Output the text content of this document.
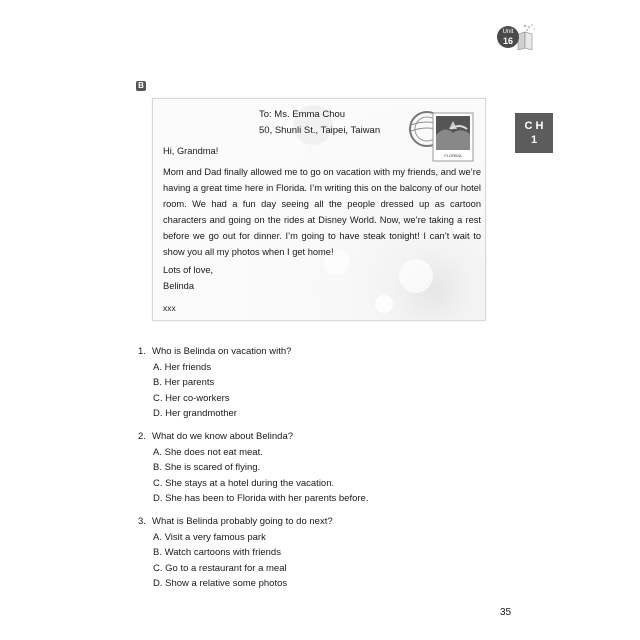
Unit
16
B
C H
1
To: Ms. Emma Chou
50, Shunli St., Taipei, Taiwan
FLORIDA
Hi, Grandma!
Mom and Dad finally allowed me to go on vacation with my friends, and we’re having a great time here in Florida. I’m writing this on the balcony of our hotel room. We had a fun day seeing all the people dressed up as cartoon characters and going on the rides at Disney World. Now, we’re taking a rest before we go out for dinner. I’m going to have steak tonight! I can’t wait to show you all my photos when I get home!
Lots of love,
Belinda
xxx
1. Who is Belinda on vacation with?
A. Her friends
B. Her parents
C. Her co-workers
D. Her grandmother
2. What do we know about Belinda?
A. She does not eat meat.
B. She is scared of flying.
C. She stays at a hotel during the vacation.
D. She has been to Florida with her parents before.
3. What is Belinda probably going to do next?
A. Visit a very famous park
B. Watch cartoons with friends
C. Go to a restaurant for a meal
D. Show a relative some photos
35
